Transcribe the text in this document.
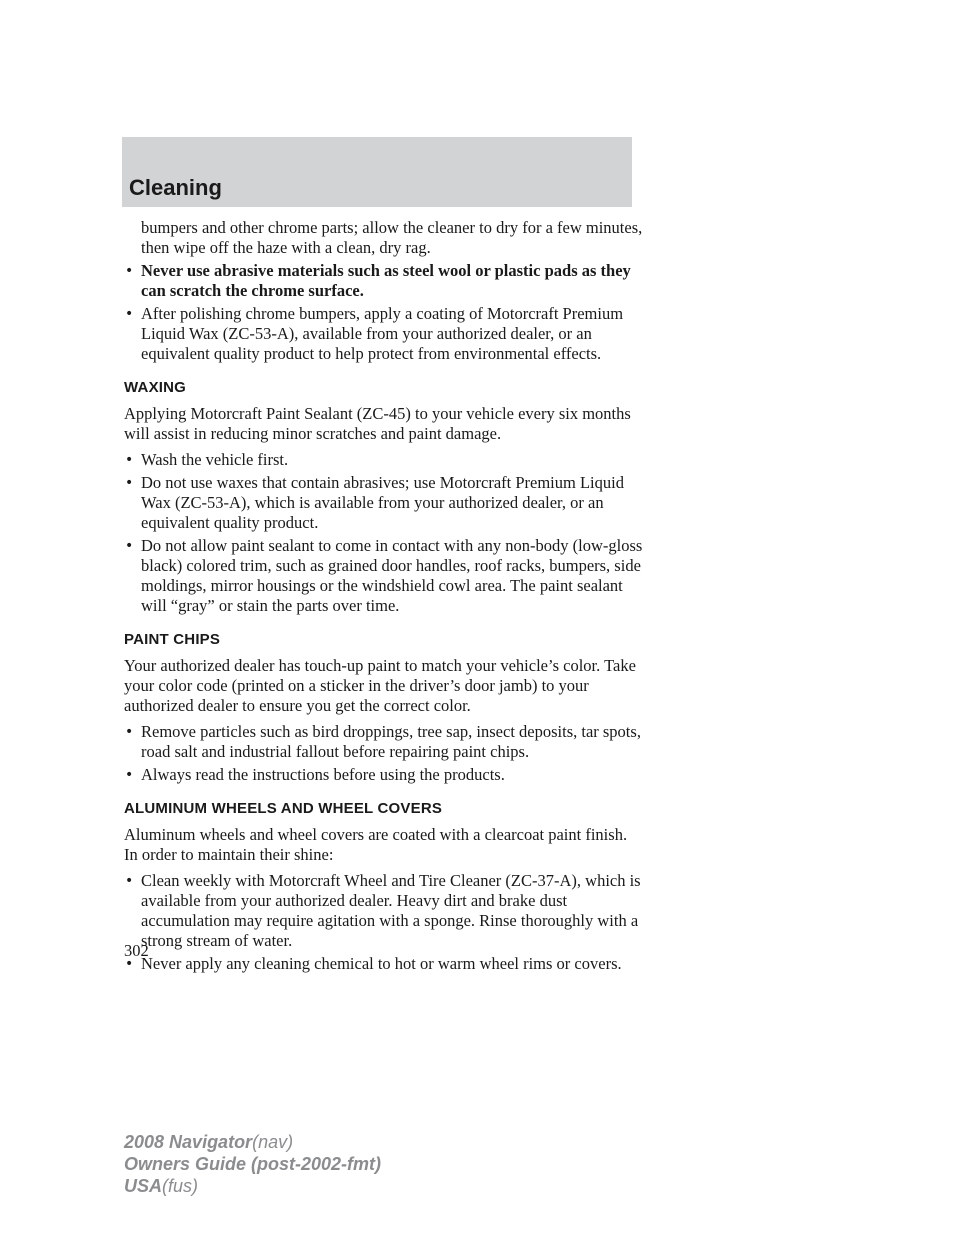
Cleaning

bumpers and other chrome parts; allow the cleaner to dry for a few minutes, then wipe off the haze with a clean, dry rag.

• Never use abrasive materials such as steel wool or plastic pads as they can scratch the chrome surface.
• After polishing chrome bumpers, apply a coating of Motorcraft Premium Liquid Wax (ZC-53-A), available from your authorized dealer, or an equivalent quality product to help protect from environmental effects.
WAXING

Applying Motorcraft Paint Sealant (ZC-45) to your vehicle every six months will assist in reducing minor scratches and paint damage.

• Wash the vehicle first.
• Do not use waxes that contain abrasives; use Motorcraft Premium Liquid Wax (ZC-53-A), which is available from your authorized dealer, or an equivalent quality product.
• Do not allow paint sealant to come in contact with any non-body (low-gloss black) colored trim, such as grained door handles, roof racks, bumpers, side moldings, mirror housings or the windshield cowl area. The paint sealant will “gray” or stain the parts over time.
PAINT CHIPS

Your authorized dealer has touch-up paint to match your vehicle’s color. Take your color code (printed on a sticker in the driver’s door jamb) to your authorized dealer to ensure you get the correct color.

• Remove particles such as bird droppings, tree sap, insect deposits, tar spots, road salt and industrial fallout before repairing paint chips.
• Always read the instructions before using the products.
ALUMINUM WHEELS AND WHEEL COVERS

Aluminum wheels and wheel covers are coated with a clearcoat paint finish. In order to maintain their shine:

• Clean weekly with Motorcraft Wheel and Tire Cleaner (ZC-37-A), which is available from your authorized dealer. Heavy dirt and brake dust accumulation may require agitation with a sponge. Rinse thoroughly with a strong stream of water.
• Never apply any cleaning chemical to hot or warm wheel rims or covers.
302
2008 Navigator(nav)
Owners Guide (post-2002-fmt)
USA(fus)
